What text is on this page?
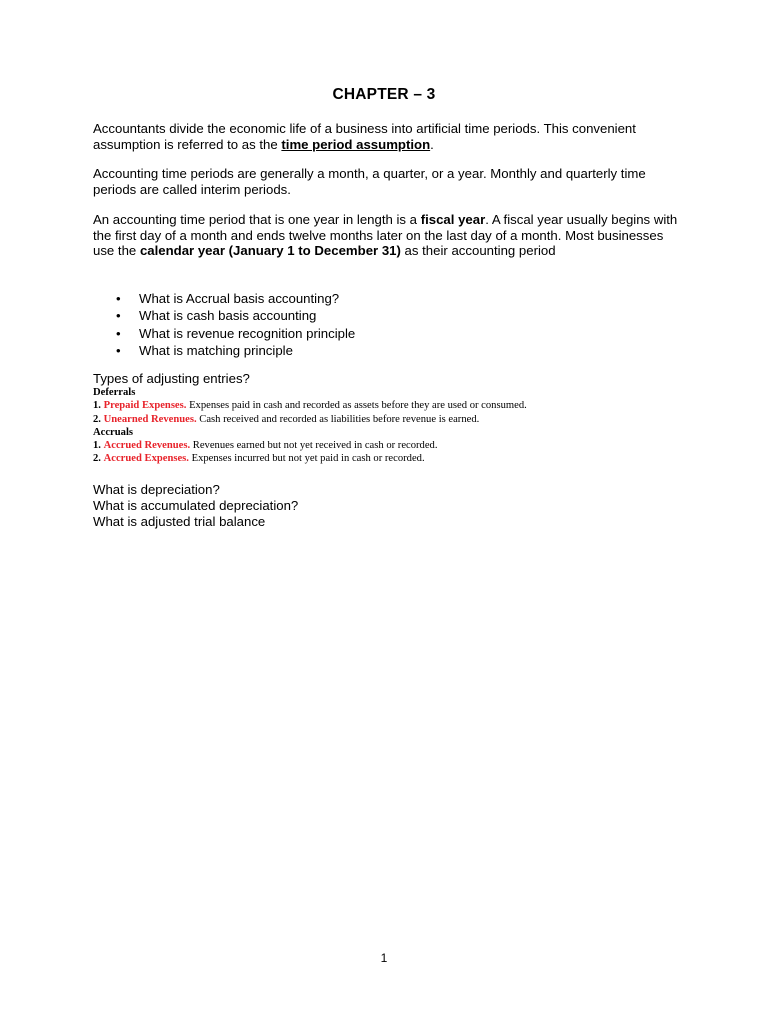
CHAPTER – 3
Accountants divide the economic life of a business into artificial time periods. This convenient assumption is referred to as the time period assumption.
Accounting time periods are generally a month, a quarter, or a year. Monthly and quarterly time periods are called interim periods.
An accounting time period that is one year in length is a fiscal year. A fiscal year usually begins with the first day of a month and ends twelve months later on the last day of a month. Most businesses use the calendar year (January 1 to December 31) as their accounting period
• What is Accrual basis accounting?
• What is cash basis accounting
• What is revenue recognition principle
• What is matching principle
Types of adjusting entries?
Deferrals
1. Prepaid Expenses. Expenses paid in cash and recorded as assets before they are used or consumed.
2. Unearned Revenues. Cash received and recorded as liabilities before revenue is earned.
Accruals
1. Accrued Revenues. Revenues earned but not yet received in cash or recorded.
2. Accrued Expenses. Expenses incurred but not yet paid in cash or recorded.
What is depreciation?
What is accumulated depreciation?
What is adjusted trial balance
1
